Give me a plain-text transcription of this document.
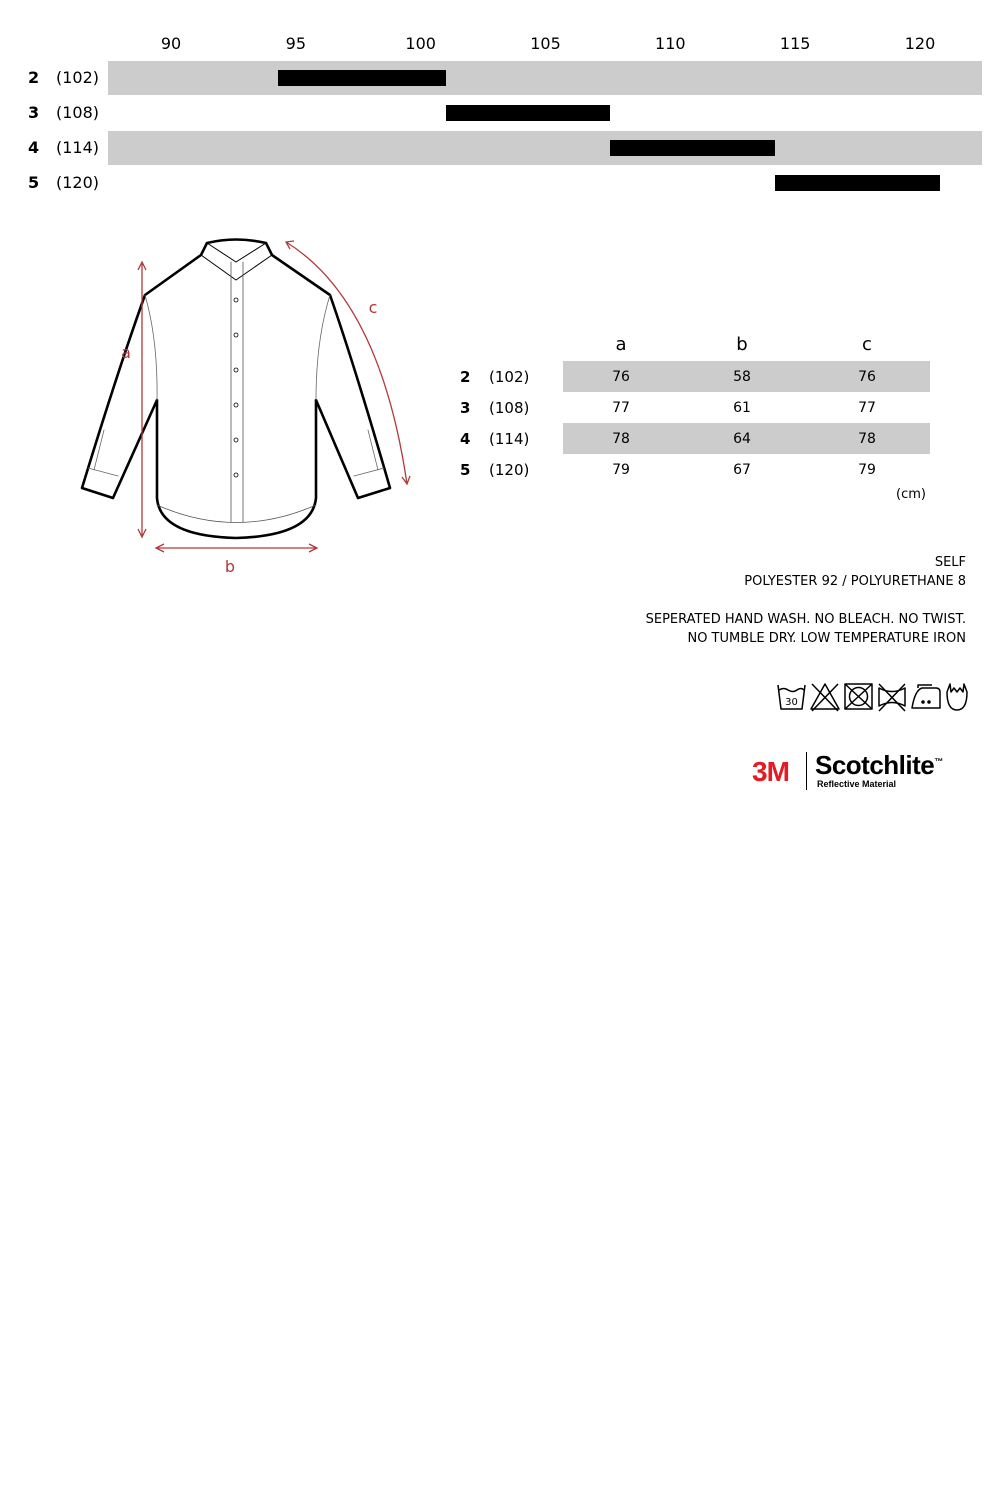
90	95	100	105	110	115	120
2 (102)
3 (108)
4 (114)
5 (120)
a
b
c
a	b	c
2 (102)	76	58	76
3 (108)	77	61	77
4 (114)	78	64	78
5 (120)	79	67	79
(cm)
SELF
POLYESTER 92 / POLYURETHANE 8
SEPERATED HAND WASH. NO BLEACH. NO TWIST.
NO TUMBLE DRY. LOW TEMPERATURE IRON
30
3M Scotchlite™
Reflective Material
